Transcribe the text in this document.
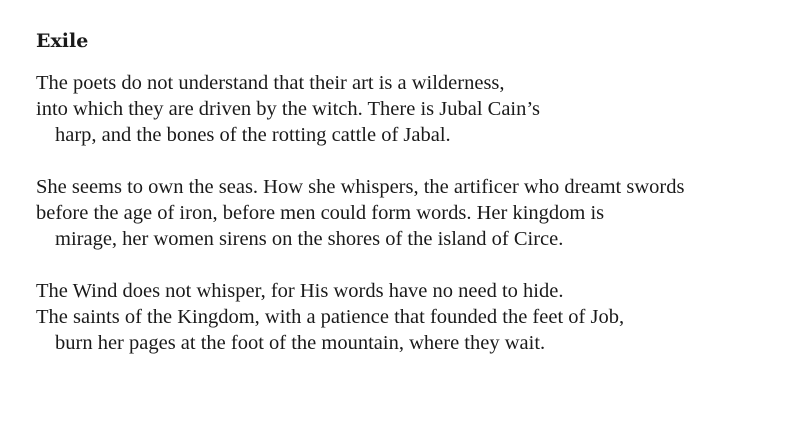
Exile
The poets do not understand that their art is a wilderness,
into which they are driven by the witch. There is Jubal Cain’s
harp, and the bones of the rotting cattle of Jabal.
She seems to own the seas. How she whispers, the artificer who dreamt swords
before the age of iron, before men could form words. Her kingdom is
mirage, her women sirens on the shores of the island of Circe.
The Wind does not whisper, for His words have no need to hide.
The saints of the Kingdom, with a patience that founded the feet of Job,
burn her pages at the foot of the mountain, where they wait.
